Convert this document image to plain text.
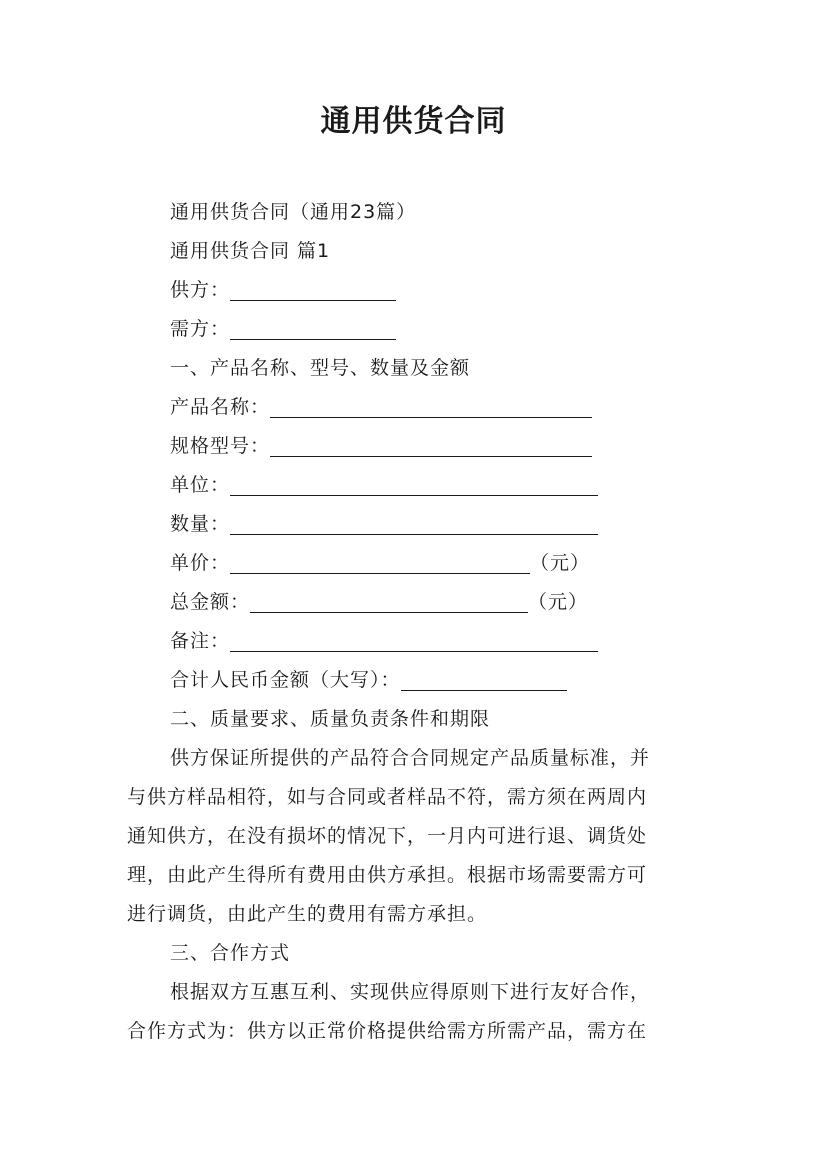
通用供货合同
通用供货合同（通用23篇）
通用供货合同 篇1
供方：
需方：
一、产品名称、型号、数量及金额
产品名称：
规格型号：
单位：
数量：
单价：	（元）
总金额：	（元）
备注：
合计人民币金额（大写）：
二、质量要求、质量负责条件和期限
供方保证所提供的产品符合合同规定产品质量标准，并
与供方样品相符，如与合同或者样品不符，需方须在两周内
通知供方，在没有损坏的情况下，一月内可进行退、调货处
理，由此产生得所有费用由供方承担。根据市场需要需方可
进行调货，由此产生的费用有需方承担。
三、合作方式
根据双方互惠互利、实现供应得原则下进行友好合作，
合作方式为：供方以正常价格提供给需方所需产品，需方在
